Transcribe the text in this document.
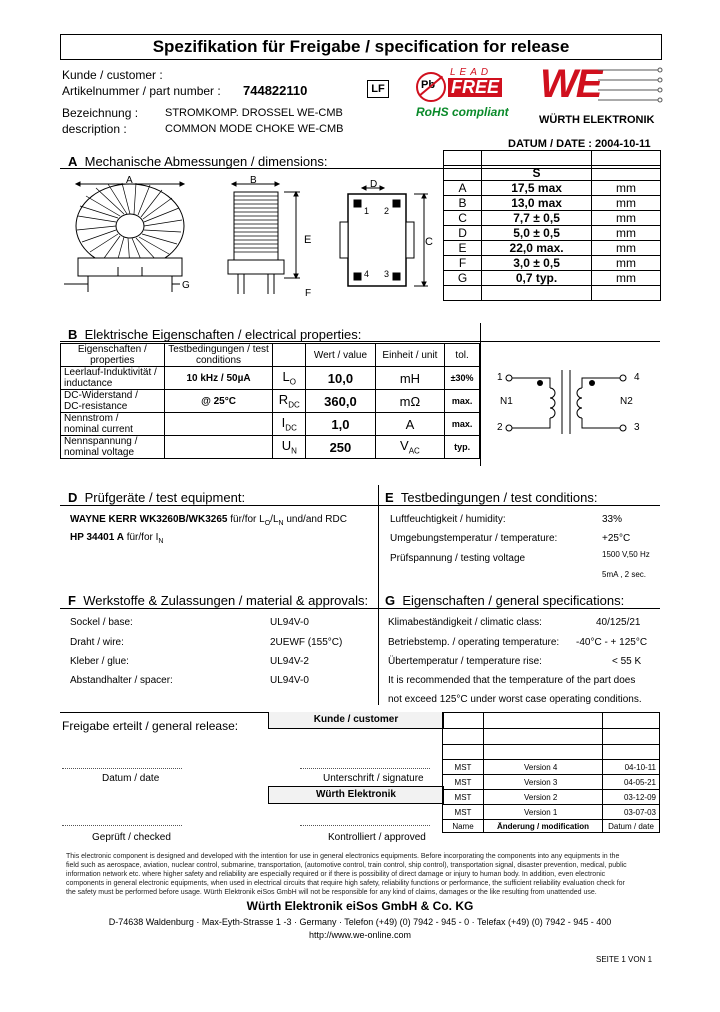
Spezifikation für Freigabe / specification for release
Kunde / customer :
Artikelnummer / part number : 744822110	LF
Bezeichnung : STROMKOMP. DROSSEL WE-CMB
description :	COMMON MODE CHOKE WE-CMB
Pb
LEAD
FREE
RoHS compliant
WE
WÜRTH ELEKTRONIK
DATUM / DATE : 2004-10-11
A Mechanische Abmessungen / dimensions:
A	B	D
E	C
F
G
1 2
3
4

	S	
A	17,5 max	mm
B	13,0 max	mm
C	7,7 ± 0,5	mm
D	5,0 ± 0,5	mm
E	22,0 max.	mm
F	3,0 ± 0,5	mm
G	0,7 typ.	mm

B Elektrische Eigenschaften / electrical properties:
Eigenschaften / properties	Testbedingungen / test conditions		Wert / value	Einheit / unit	tol.

Leerlauf-Induktivität /
inductance	10 kHz / 50µA	$L_O$	10,0	mH	±30%

DC-Widerstand /
DC-resistance	@ 25°C	$R_{DC}$	360,0	mΩ	max.

Nennstrom /
nominal current		$I_{DC}$	1,0	A	max.

Nennspannung /
nominal voltage		$U_N$	250	$V_{AC}$	typ.
1
2
4
3
N1	N2
D Prüfgeräte / test equipment:	E Testbedingungen / test conditions:
WAYNE KERR WK3260B/WK3265 für/for $L_O/L_N$ und/and RDC
HP 34401 A für/for $I_N$
Luftfeuchtigkeit / humidity:	33%
Umgebungstemperatur / temperature:	+25°C
Prüfspannung / testing voltage	1500 V,50 Hz
5mA , 2 sec.
F Werkstoffe & Zulassungen / material & approvals: G Eigenschaften / general specifications:
Sockel / base:	UL94V-0
Draht / wire:	2UEWF (155°C)
Kleber / glue:	UL94V-2
Abstandhalter / spacer:	UL94V-0
Klimabeständigkeit / climatic class:	40/125/21
Betriebstemp. / operating temperature: -40°C - + 125°C
Übertemperatur / temperature rise:	< 55 K
It is recommended that the temperature of the part does
not exceed 125°C under worst case operating conditions.
Freigabe erteilt / general release:	Kunde / customer
Datum / date	Unterschrift / signature
Würth Elektronik
Geprüft / checked	Kontrolliert / approved

MST	Version 4	04-10-11
MST	Version 3	04-05-21
MST	Version 2	03-12-09
MST	Version 1	03-07-03
Name	Änderung / modification	Datum / date
This electronic component is designed and developed with the intention for use in general electronics equipments. Before incorporating the components into any equipments in the
field such as aerospace, aviation, nuclear control, submarine, transportation, (automotive control, train control, ship control), transportation signal, disaster prevention, medical, public
information network etc. where higher safety and reliability are especially required or if there is possibility of direct damage or injury to human body. In addition, even electronic
components in general electronic equipments, when used in electrical circuits that require high safety, reliability functions or performance, the sufficient reliability evaluation check for
the safety must be performed before usage. Würth Elektronik eiSos GmbH will not be responsible for any kind of claims, damages or the like resulting from unattended use.
Würth Elektronik eiSos GmbH & Co. KG
D-74638 Waldenburg · Max-Eyth-Strasse 1 -3 · Germany · Telefon (+49) (0) 7942 - 945 - 0 · Telefax (+49) (0) 7942 - 945 - 400
http://www.we-online.com
SEITE 1 VON 1
